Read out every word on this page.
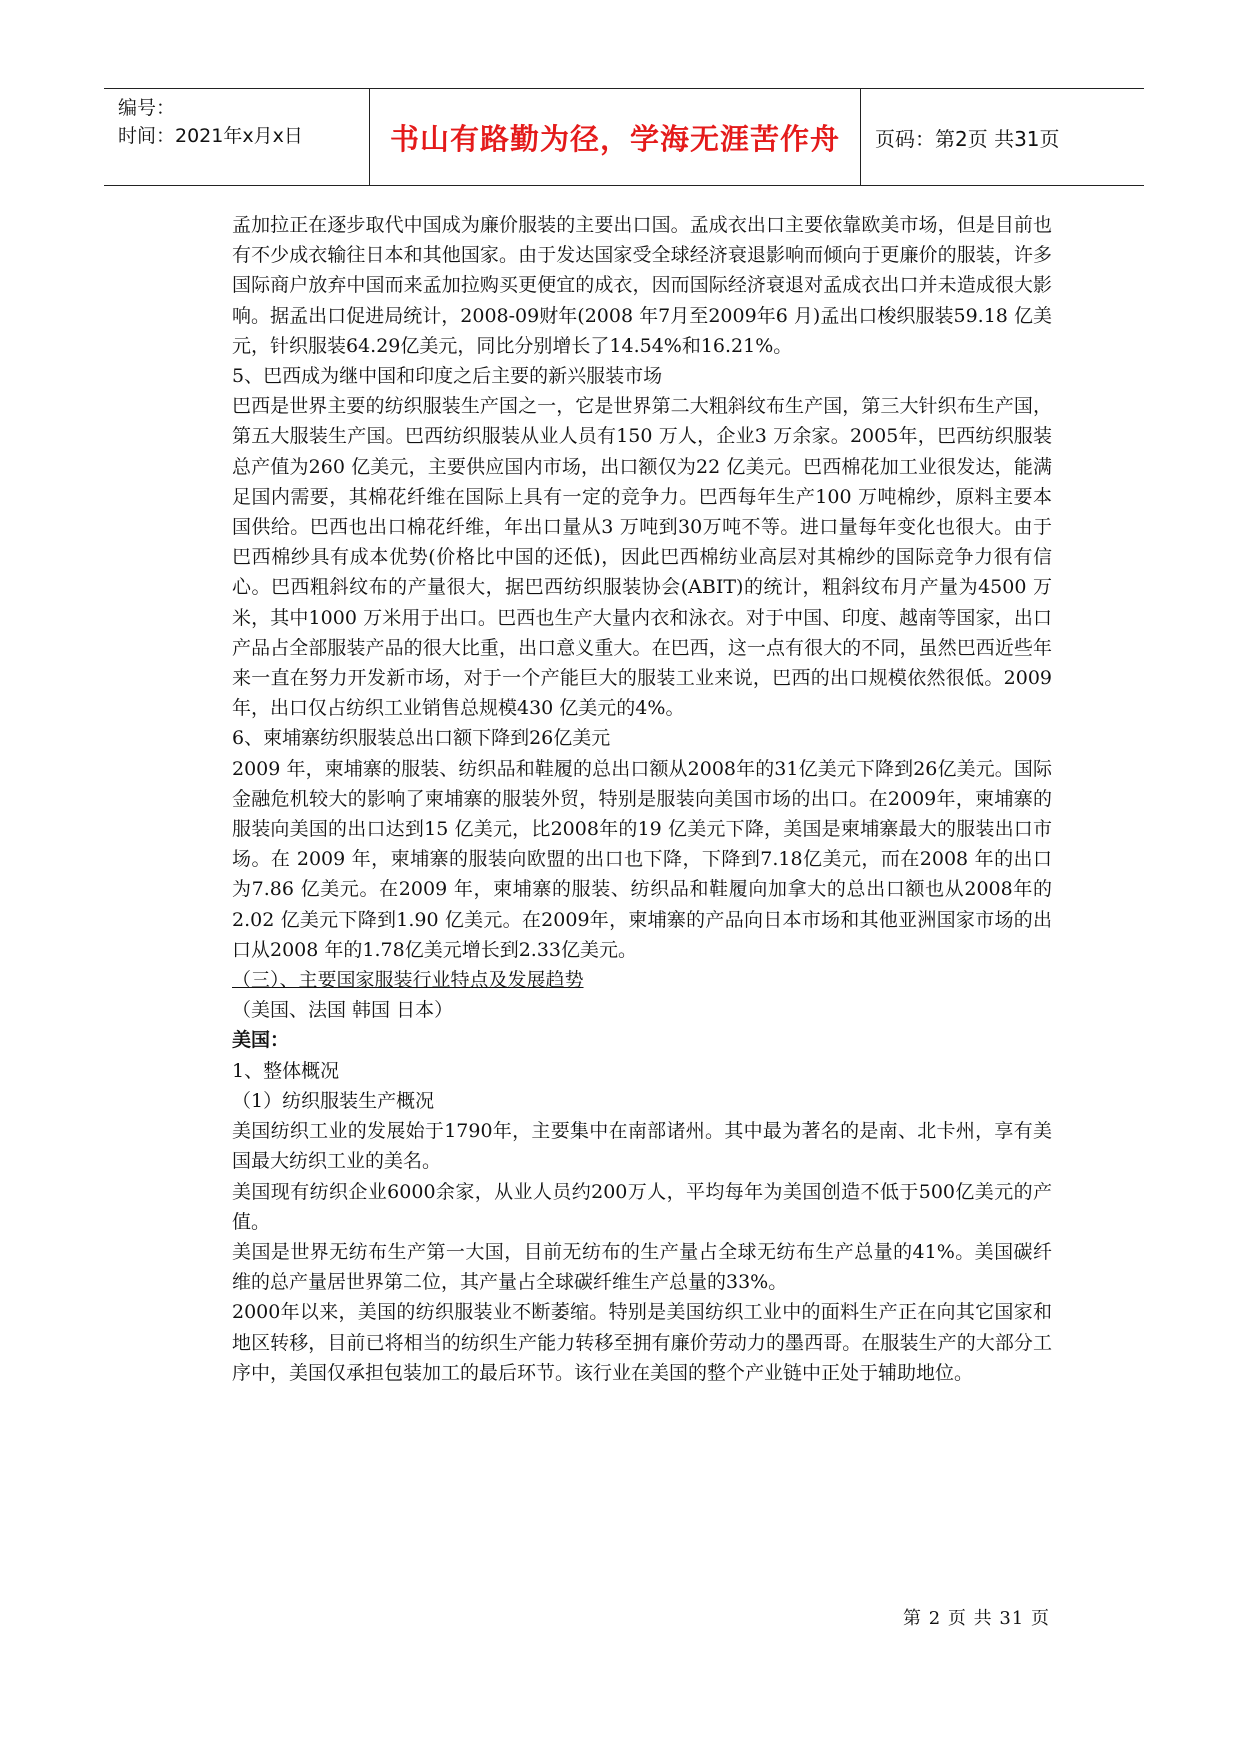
编号：
时间：2021年x月x日	书山有路勤为径，学海无涯苦作舟 页码：第2页 共31页

孟加拉正在逐步取代中国成为廉价服装的主要出口国。孟成衣出口主要依靠欧美市场，但是目前也有不少成衣输往日本和其他国家。由于发达国家受全球经济衰退影响而倾向于更廉价的服装，许多国际商户放弃中国而来孟加拉购买更便宜的成衣，因而国际经济衰退对孟成衣出口并未造成很大影响。据孟出口促进局统计，2008-09财年(2008 年7月至2009年6 月)孟出口梭织服装59.18 亿美元，针织服装64.29亿美元，同比分别增长了14.54%和16.21%。

5、巴西成为继中国和印度之后主要的新兴服装市场

巴西是世界主要的纺织服装生产国之一，它是世界第二大粗斜纹布生产国，第三大针织布生产国，第五大服装生产国。巴西纺织服装从业人员有150 万人，企业3 万余家。2005年，巴西纺织服装总产值为260 亿美元，主要供应国内市场，出口额仅为22 亿美元。巴西棉花加工业很发达，能满足国内需要，其棉花纤维在国际上具有一定的竞争力。巴西每年生产100 万吨棉纱，原料主要本国供给。巴西也出口棉花纤维，年出口量从3 万吨到30万吨不等。进口量每年变化也很大。由于巴西棉纱具有成本优势(价格比中国的还低)，因此巴西棉纺业高层对其棉纱的国际竞争力很有信心。巴西粗斜纹布的产量很大，据巴西纺织服装协会(ABIT)的统计，粗斜纹布月产量为4500 万米，其中1000 万米用于出口。巴西也生产大量内衣和泳衣。对于中国、印度、越南等国家，出口产品占全部服装产品的很大比重，出口意义重大。在巴西，这一点有很大的不同，虽然巴西近些年来一直在努力开发新市场，对于一个产能巨大的服装工业来说，巴西的出口规模依然很低。2009 年，出口仅占纺织工业销售总规模430 亿美元的4%。

6、柬埔寨纺织服装总出口额下降到26亿美元

2009 年，柬埔寨的服装、纺织品和鞋履的总出口额从2008年的31亿美元下降到26亿美元。国际金融危机较大的影响了柬埔寨的服装外贸，特别是服装向美国市场的出口。在2009年，柬埔寨的服装向美国的出口达到15 亿美元，比2008年的19 亿美元下降，美国是柬埔寨最大的服装出口市场。在 2009 年，柬埔寨的服装向欧盟的出口也下降，下降到7.18亿美元，而在2008 年的出口为7.86 亿美元。在2009 年，柬埔寨的服装、纺织品和鞋履向加拿大的总出口额也从2008年的2.02 亿美元下降到1.90 亿美元。在2009年，柬埔寨的产品向日本市场和其他亚洲国家市场的出口从2008 年的1.78亿美元增长到2.33亿美元。

（三）、主要国家服装行业特点及发展趋势

（美国、法国 韩国 日本）

美国：

1、整体概况

（1）纺织服装生产概况

美国纺织工业的发展始于1790年，主要集中在南部诸州。其中最为著名的是南、北卡州，享有美国最大纺织工业的美名。

美国现有纺织企业6000余家，从业人员约200万人，平均每年为美国创造不低于500亿美元的产值。

美国是世界无纺布生产第一大国，目前无纺布的生产量占全球无纺布生产总量的41%。美国碳纤维的总产量居世界第二位，其产量占全球碳纤维生产总量的33%。

2000年以来，美国的纺织服装业不断萎缩。特别是美国纺织工业中的面料生产正在向其它国家和地区转移，目前已将相当的纺织生产能力转移至拥有廉价劳动力的墨西哥。在服装生产的大部分工序中，美国仅承担包装加工的最后环节。该行业在美国的整个产业链中正处于辅助地位。

第 2 页 共 31 页
